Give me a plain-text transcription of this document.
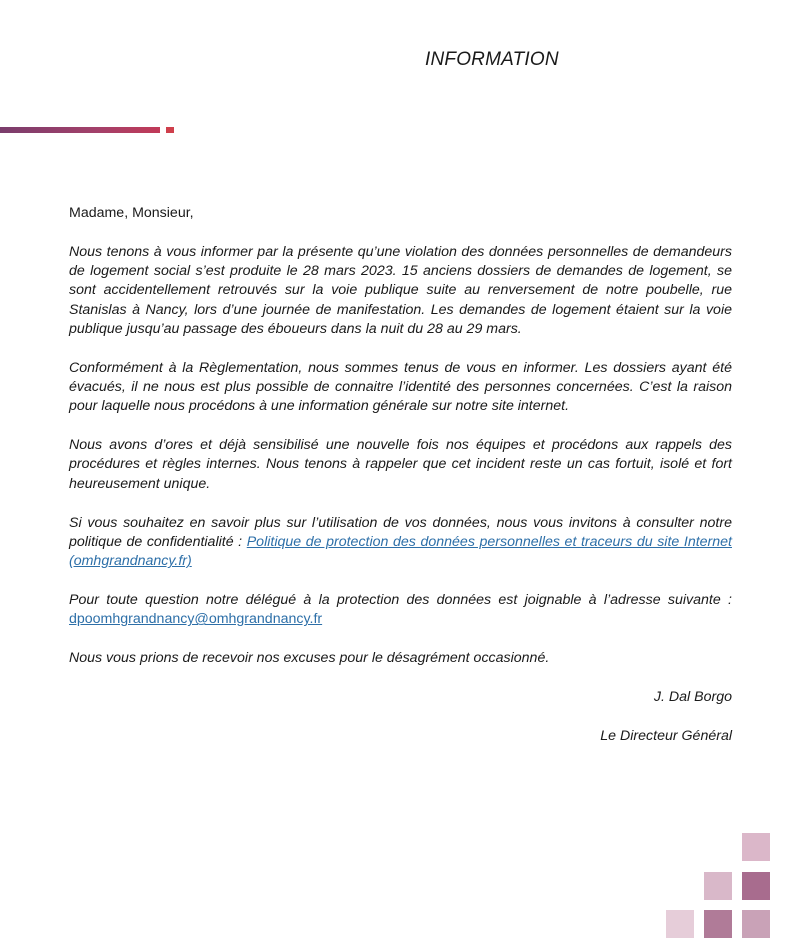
INFORMATION

Madame, Monsieur,

Nous tenons à vous informer par la présente qu’une violation des données personnelles de demandeurs de logement social s’est produite le 28 mars 2023. 15 anciens dossiers de demandes de logement, se sont accidentellement retrouvés sur la voie publique suite au renversement de notre poubelle, rue Stanislas à Nancy, lors d’une journée de manifestation. Les demandes de logement étaient sur la voie publique jusqu’au passage des éboueurs dans la nuit du 28 au 29 mars.

Conformément à la Règlementation, nous sommes tenus de vous en informer. Les dossiers ayant été évacués, il ne nous est plus possible de connaitre l’identité des personnes concernées. C’est la raison pour laquelle nous procédons à une information générale sur notre site internet.

Nous avons d’ores et déjà sensibilisé une nouvelle fois nos équipes et procédons aux rappels des procédures et règles internes. Nous tenons à rappeler que cet incident reste un cas fortuit, isolé et fort heureusement unique.

Si vous souhaitez en savoir plus sur l’utilisation de vos données, nous vous invitons à consulter notre politique de confidentialité : Politique de protection des données personnelles et traceurs du site Internet (omhgrandnancy.fr)

Pour toute question notre délégué à la protection des données est joignable à l’adresse suivante : dpoomhgrandnancy@omhgrandnancy.fr

Nous vous prions de recevoir nos excuses pour le désagrément occasionné.

J. Dal Borgo

Le Directeur Général
